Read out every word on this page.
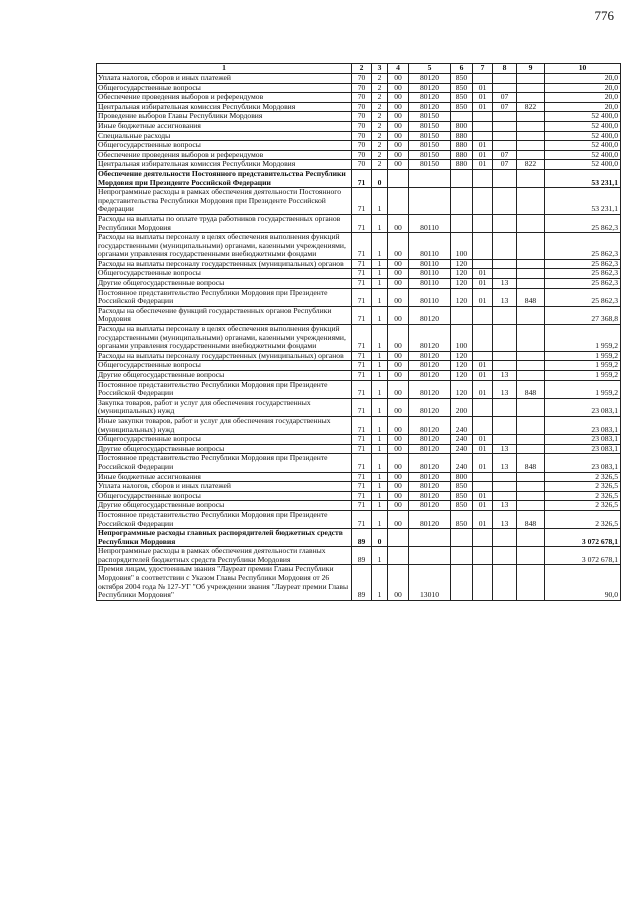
776
1	2	3	4	5	6	7	8	9	10
Уплата налогов, сборов и иных платежей	70	2	00	80120	850				20,0
Общегосударственные вопросы	70	2	00	80120	850	01			20,0
Обеспечение проведения выборов и референдумов	70	2	00	80120	850	01	07		20,0
Центральная избирательная комиссия Республики Мордовия	70	2	00	80120	850	01	07	822	20,0
Проведение выборов Главы Республики Мордовия	70	2	00	80150					52 400,0
Иные бюджетные ассигнования	70	2	00	80150	800				52 400,0
Специальные расходы	70	2	00	80150	880				52 400,0
Общегосударственные вопросы	70	2	00	80150	880	01			52 400,0
Обеспечение проведения выборов и референдумов	70	2	00	80150	880	01	07		52 400,0
Центральная избирательная комиссия Республики Мордовия	70	2	00	80150	880	01	07	822	52 400,0
Обеспечение деятельности Постоянного представительства Республики Мордовия при Президенте Российской Федерации	71	0							53 231,1
Непрограммные расходы в рамках обеспечения деятельности Постоянного представительства Республики Мордовия при Президенте Российской Федерации	71	1							53 231,1
Расходы на выплаты по оплате труда работников государственных органов Республики Мордовия	71	1	00	80110					25 862,3
Расходы на выплаты персоналу в целях обеспечения выполнения функций государственными (муниципальными) органами, казенными учреждениями, органами управления государственными внебюджетными фондами	71	1	00	80110	100				25 862,3
Расходы на выплаты персоналу государственных (муниципальных) органов	71	1	00	80110	120				25 862,3
Общегосударственные вопросы	71	1	00	80110	120	01			25 862,3
Другие общегосударственные вопросы	71	1	00	80110	120	01	13		25 862,3
Постоянное представительство Республики Мордовия при Президенте Российской Федерации	71	1	00	80110	120	01	13	848	25 862,3
Расходы на обеспечение функций государственных органов Республики Мордовия	71	1	00	80120					27 368,8
Расходы на выплаты персоналу в целях обеспечения выполнения функций государственными (муниципальными) органами, казенными учреждениями, органами управления государственными внебюджетными фондами	71	1	00	80120	100				1 959,2
Расходы на выплаты персоналу государственных (муниципальных) органов	71	1	00	80120	120				1 959,2
Общегосударственные вопросы	71	1	00	80120	120	01			1 959,2
Другие общегосударственные вопросы	71	1	00	80120	120	01	13		1 959,2
Постоянное представительство Республики Мордовия при Президенте Российской Федерации	71	1	00	80120	120	01	13	848	1 959,2
Закупка товаров, работ и услуг для обеспечения государственных (муниципальных) нужд	71	1	00	80120	200				23 083,1
Иные закупки товаров, работ и услуг для обеспечения государственных (муниципальных) нужд	71	1	00	80120	240				23 083,1
Общегосударственные вопросы	71	1	00	80120	240	01			23 083,1
Другие общегосударственные вопросы	71	1	00	80120	240	01	13		23 083,1
Постоянное представительство Республики Мордовия при Президенте Российской Федерации	71	1	00	80120	240	01	13	848	23 083,1
Иные бюджетные ассигнования	71	1	00	80120	800				2 326,5
Уплата налогов, сборов и иных платежей	71	1	00	80120	850				2 326,5
Общегосударственные вопросы	71	1	00	80120	850	01			2 326,5
Другие общегосударственные вопросы	71	1	00	80120	850	01	13		2 326,5
Постоянное представительство Республики Мордовия при Президенте Российской Федерации	71	1	00	80120	850	01	13	848	2 326,5
Непрограммные расходы главных распорядителей бюджетных средств Республики Мордовия	89	0							3 072 678,1
Непрограммные расходы в рамках обеспечения деятельности главных распорядителей бюджетных средств Республики Мордовия	89	1							3 072 678,1
Премия лицам, удостоенным звания "Лауреат премии Главы Республики Мордовия" в соответствии с Указом Главы Республики Мордовия от 26 октября 2004 года № 127-УГ "Об учреждении звания "Лауреат премии Главы Республики Мордовия"	89	1	00	13010					90,0
